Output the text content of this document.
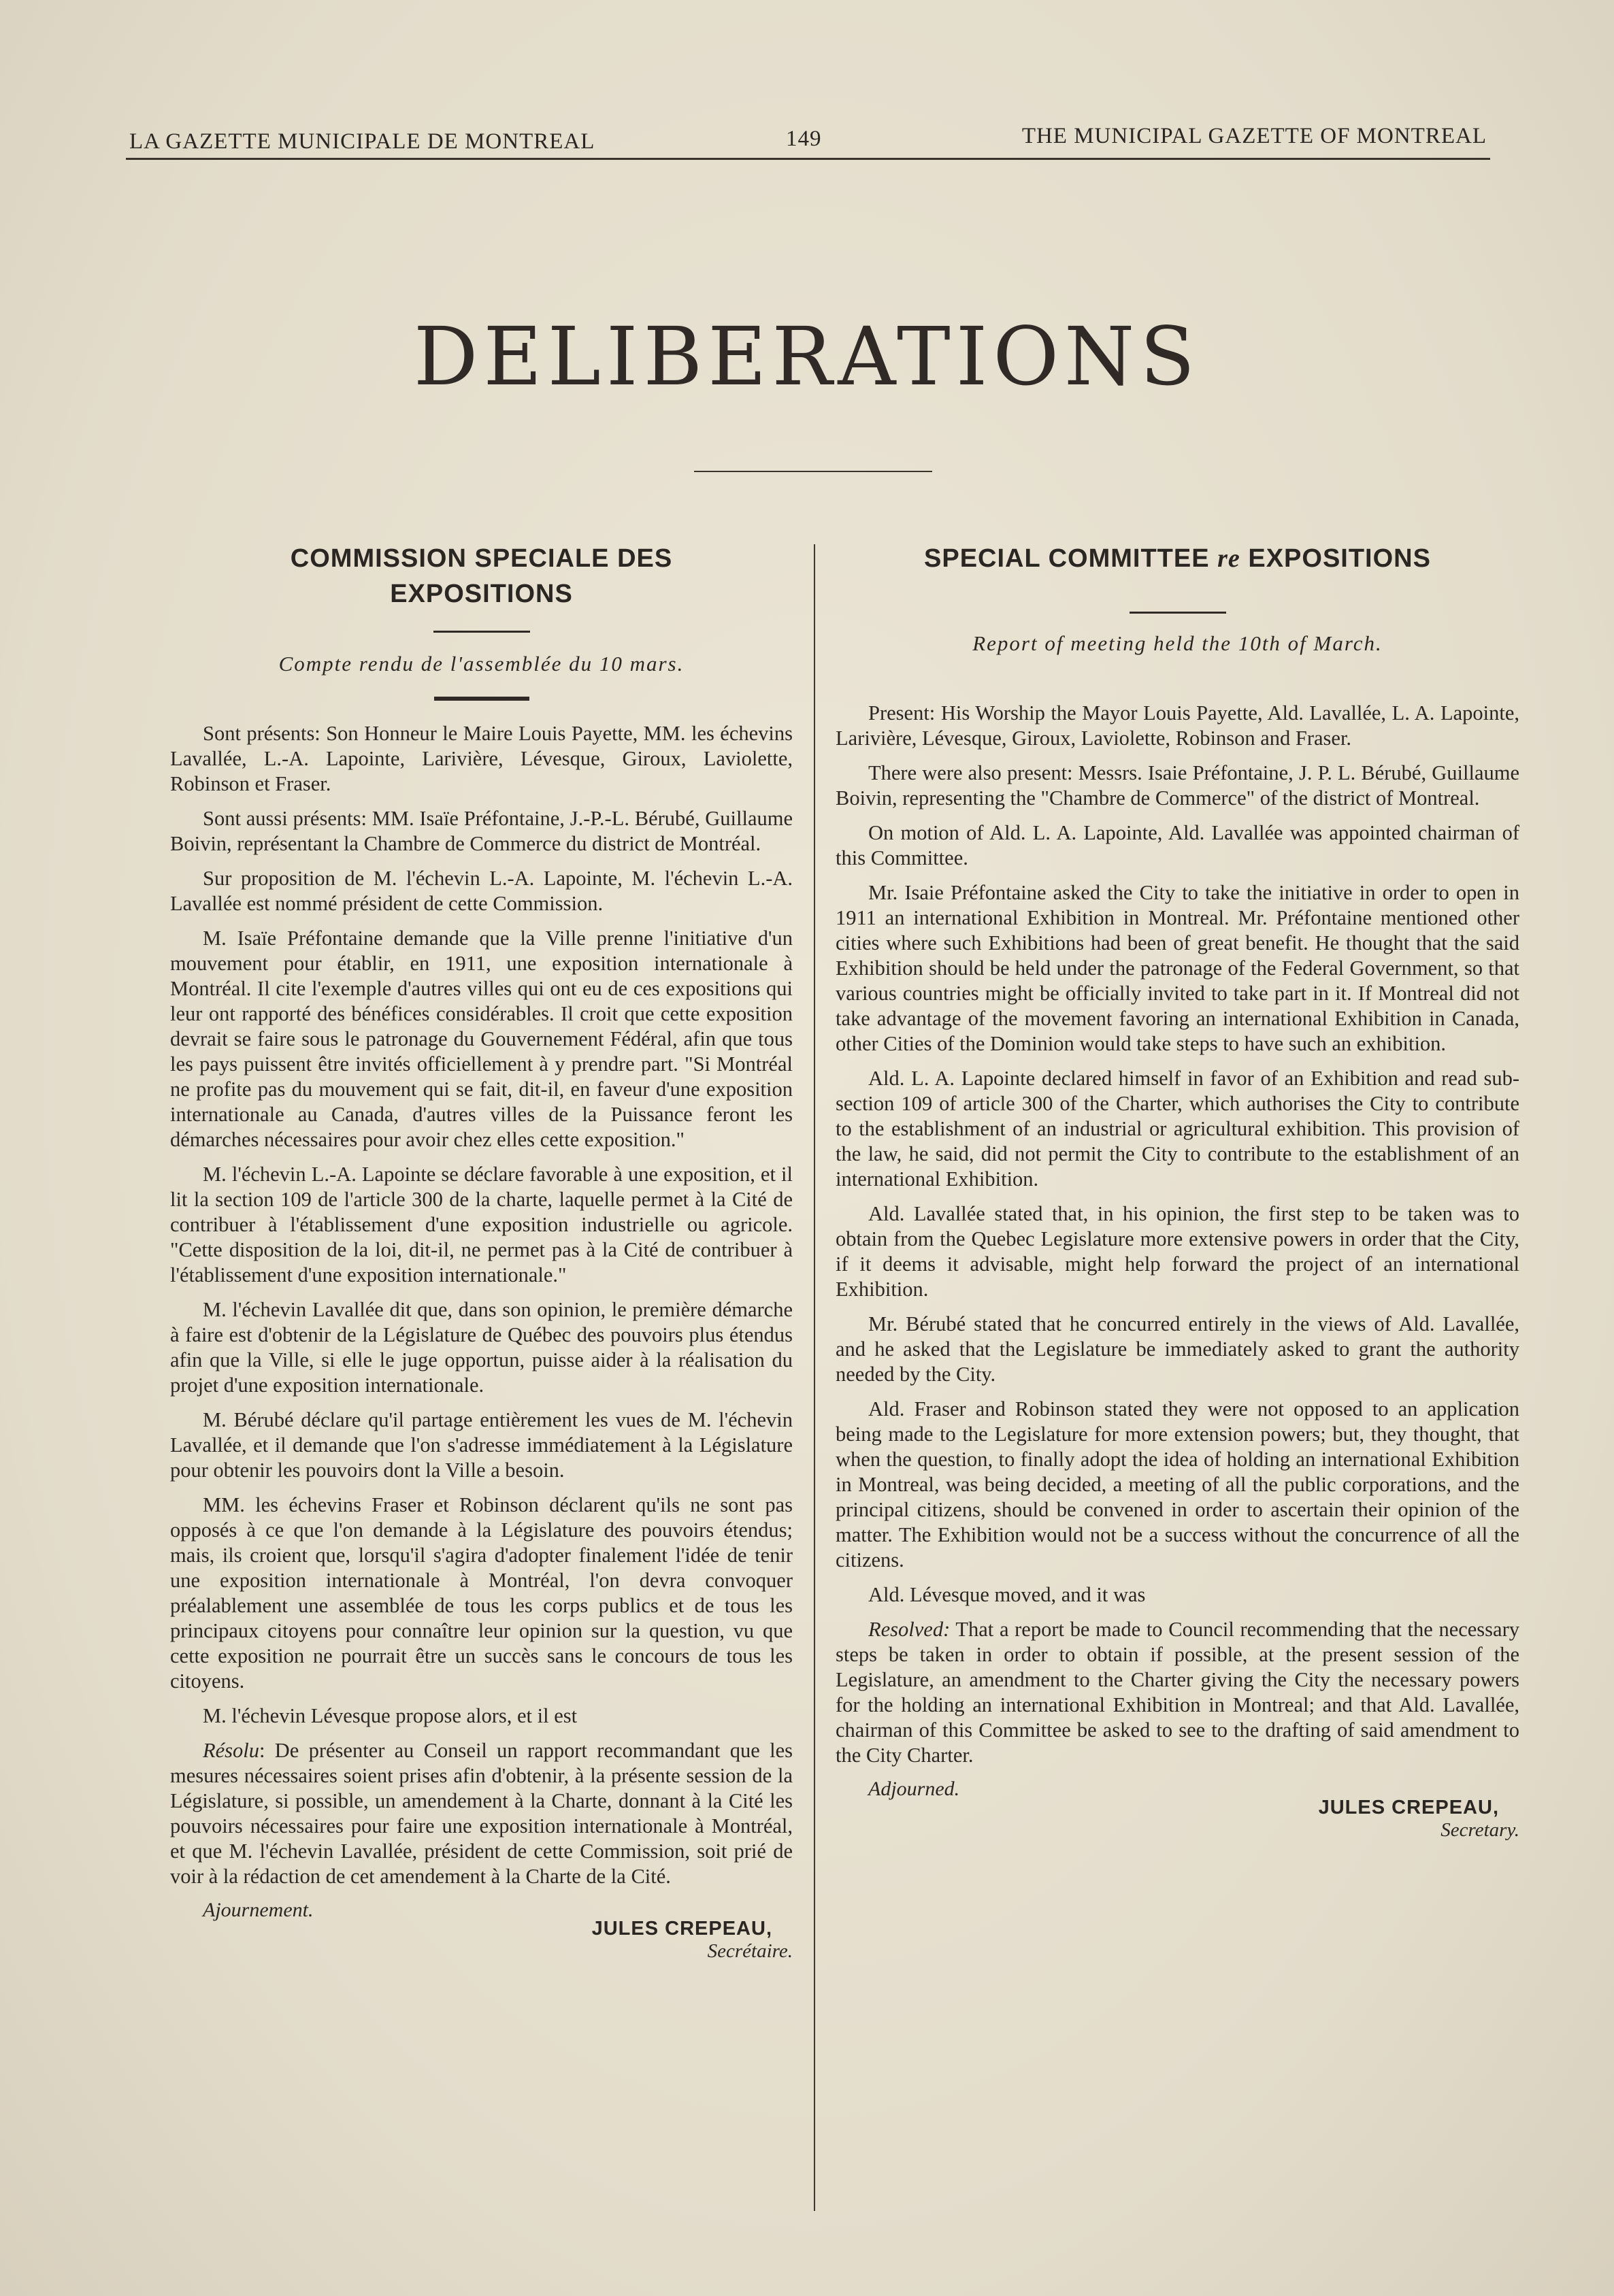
LA GAZETTE MUNICIPALE DE MONTREAL	149	THE MUNICIPAL GAZETTE OF MONTREAL
DELIBERATIONS
COMMISSION SPECIALE DES
EXPOSITIONS
Compte rendu de l'assemblée du 10 mars.

Sont présents: Son Honneur le Maire Louis Payette, MM. les échevins Lavallée, L.-A. Lapointe, Larivière, Lévesque, Giroux, Laviolette, Robinson et Fraser.

Sont aussi présents: MM. Isaïe Préfontaine, J.-P.-L. Bérubé, Guillaume Boivin, représentant la Chambre de Commerce du district de Montréal.

Sur proposition de M. l'échevin L.-A. Lapointe, M. l'échevin L.-A. Lavallée est nommé président de cette Commission.

M. Isaïe Préfontaine demande que la Ville prenne l'initiative d'un mouvement pour établir, en 1911, une exposition internationale à Montréal. Il cite l'exemple d'autres villes qui ont eu de ces expositions qui leur ont rapporté des bénéfices considérables. Il croit que cette exposition devrait se faire sous le patronage du Gouvernement Fédéral, afin que tous les pays puissent être invités officiellement à y prendre part. "Si Montréal ne profite pas du mouvement qui se fait, dit-il, en faveur d'une exposition internationale au Canada, d'autres villes de la Puissance feront les démarches nécessaires pour avoir chez elles cette exposition."

M. l'échevin L.-A. Lapointe se déclare favorable à une exposition, et il lit la section 109 de l'article 300 de la charte, laquelle permet à la Cité de contribuer à l'établissement d'une exposition industrielle ou agricole. "Cette disposition de la loi, dit-il, ne permet pas à la Cité de contribuer à l'établissement d'une exposition internationale."

M. l'échevin Lavallée dit que, dans son opinion, le première démarche à faire est d'obtenir de la Législature de Québec des pouvoirs plus étendus afin que la Ville, si elle le juge opportun, puisse aider à la réalisation du projet d'une exposition internationale.

M. Bérubé déclare qu'il partage entièrement les vues de M. l'échevin Lavallée, et il demande que l'on s'adresse immédiatement à la Législature pour obtenir les pouvoirs dont la Ville a besoin.

MM. les échevins Fraser et Robinson déclarent qu'ils ne sont pas opposés à ce que l'on demande à la Législature des pouvoirs étendus; mais, ils croient que, lorsqu'il s'agira d'adopter finalement l'idée de tenir une exposition internationale à Montréal, l'on devra convoquer préalablement une assemblée de tous les corps publics et de tous les principaux citoyens pour connaître leur opinion sur la question, vu que cette exposition ne pourrait être un succès sans le concours de tous les citoyens.

M. l'échevin Lévesque propose alors, et il est

Résolu: De présenter au Conseil un rapport recommandant que les mesures nécessaires soient prises afin d'obtenir, à la présente session de la Législature, si possible, un amendement à la Charte, donnant à la Cité les pouvoirs nécessaires pour faire une exposition internationale à Montréal, et que M. l'échevin Lavallée, président de cette Commission, soit prié de voir à la rédaction de cet amendement à la Charte de la Cité.

Ajournement.
JULES CREPEAU,
Secrétaire.
SPECIAL COMMITTEE re EXPOSITIONS
Report of meeting held the 10th of March.

Present: His Worship the Mayor Louis Payette, Ald. Lavallée, L. A. Lapointe, Larivière, Lévesque, Giroux, Laviolette, Robinson and Fraser.

There were also present: Messrs. Isaie Préfontaine, J. P. L. Bérubé, Guillaume Boivin, representing the "Chambre de Commerce" of the district of Montreal.

On motion of Ald. L. A. Lapointe, Ald. Lavallée was appointed chairman of this Committee.

Mr. Isaie Préfontaine asked the City to take the initiative in order to open in 1911 an international Exhibition in Montreal. Mr. Préfontaine mentioned other cities where such Exhibitions had been of great benefit. He thought that the said Exhibition should be held under the patronage of the Federal Government, so that various countries might be officially invited to take part in it. If Montreal did not take advantage of the movement favoring an international Exhibition in Canada, other Cities of the Dominion would take steps to have such an exhibition.

Ald. L. A. Lapointe declared himself in favor of an Exhibition and read sub-section 109 of article 300 of the Charter, which authorises the City to contribute to the establishment of an industrial or agricultural exhibition. This provision of the law, he said, did not permit the City to contribute to the establishment of an international Exhibition.

Ald. Lavallée stated that, in his opinion, the first step to be taken was to obtain from the Quebec Legislature more extensive powers in order that the City, if it deems it advisable, might help forward the project of an international Exhibition.

Mr. Bérubé stated that he concurred entirely in the views of Ald. Lavallée, and he asked that the Legislature be immediately asked to grant the authority needed by the City.

Ald. Fraser and Robinson stated they were not opposed to an application being made to the Legislature for more extension powers; but, they thought, that when the question, to finally adopt the idea of holding an international Exhibition in Montreal, was being decided, a meeting of all the public corporations, and the principal citizens, should be convened in order to ascertain their opinion of the matter. The Exhibition would not be a success without the concurrence of all the citizens.

Ald. Lévesque moved, and it was

Resolved: That a report be made to Council recommending that the necessary steps be taken in order to obtain if possible, at the present session of the Legislature, an amendment to the Charter giving the City the necessary powers for the holding an international Exhibition in Montreal; and that Ald. Lavallée, chairman of this Committee be asked to see to the drafting of said amendment to the City Charter.

Adjourned.
JULES CREPEAU,
Secretary.
